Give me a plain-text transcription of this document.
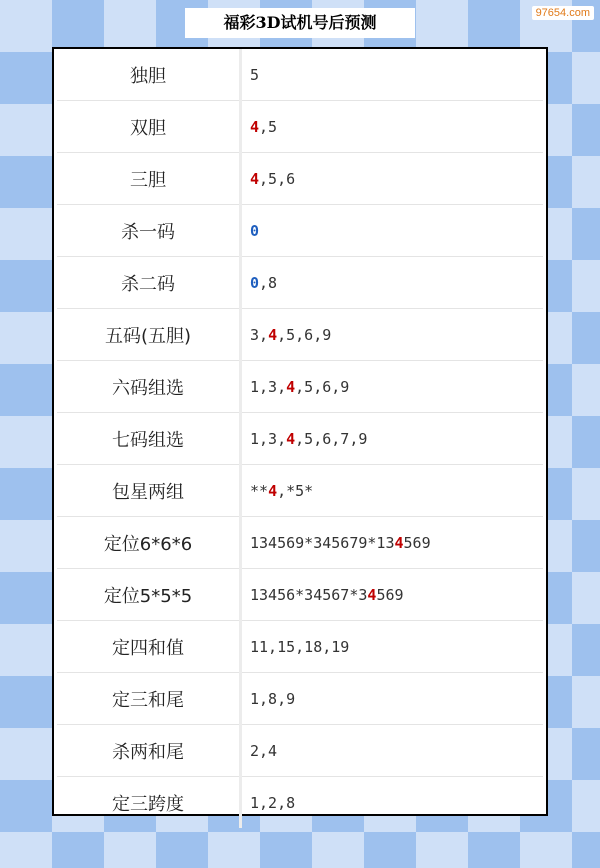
97654.com
福彩3D试机号后预测
独胆	5
双胆	4,5
三胆	4,5,6
杀一码	0
杀二码	0,8
五码(五胆)	3,4,5,6,9
六码组选	1,3,4,5,6,9
七码组选	1,3,4,5,6,7,9
包星两组	**4,*5*
定位6*6*6	134569*345679*134569
定位5*5*5	13456*34567*34569
定四和值	11,15,18,19
定三和尾	1,8,9
杀两和尾	2,4
定三跨度	1,2,8
